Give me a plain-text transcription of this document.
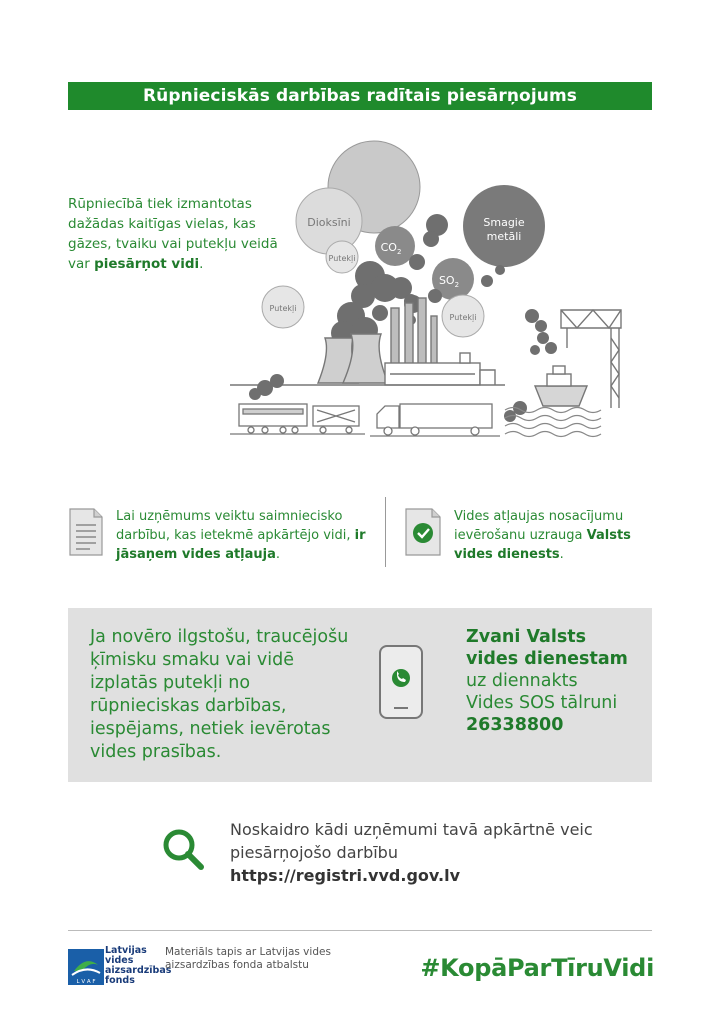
Rūpnieciskās darbības radītais piesārņojums

Rūpniecībā tiek izmantotas dažādas kaitīgas vielas, kas gāzes, tvaiku vai putekļu veidā var piesārņot vidi.

Dioksīni	Smagie
metāli
$CO_2$
Putekļi
$SO_2$
Putekļi
Putekļi

Lai uzņēmums veiktu saimniecisko darbību, kas ietekmē apkārtējo vidi, ir jāsaņem vides atļauja.

Vides atļaujas nosacījumu ievērošanu uzrauga Valsts vides dienests.

Ja novēro ilgstošu, traucējošu ķīmisku smaku vai vidē izplatās putekļi no rūpnieciskas darbības, iespējams, netiek ievērotas vides prasības.

Zvani Valsts
vides dienestam
uz diennakts
Vides SOS tālruni
26338800
Noskaidro kādi uzņēmumi tavā apkārtnē veic piesārņojošo darbību
https://registri.vvd.gov.lv
L V A F
Latvijas
vides
aizsardzības
fonds

Materiāls tapis ar Latvijas vides aizsardzības fonda atbalstu	#KopāParTīruVidi
